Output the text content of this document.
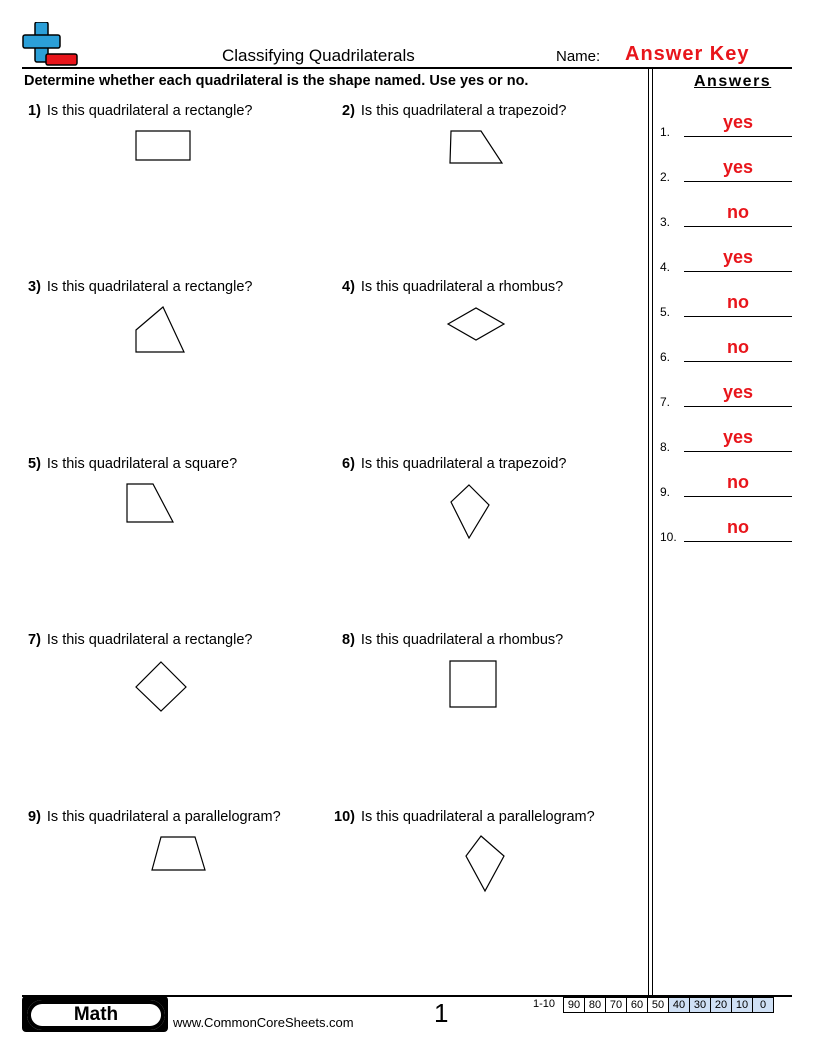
Classifying Quadrilaterals	Name: Answer Key
Determine whether each quadrilateral is the shape named. Use yes or no.
1) Is this quadrilateral a rectangle?	2) Is this quadrilateral a trapezoid?
3) Is this quadrilateral a rectangle?	4) Is this quadrilateral a rhombus?
5) Is this quadrilateral a square?	6) Is this quadrilateral a trapezoid?
7) Is this quadrilateral a rectangle?	8) Is this quadrilateral a rhombus?
9) Is this quadrilateral a parallelogram?	10) Is this quadrilateral a parallelogram?
Answers
1.	yes
2.	yes
3.	no
4.	yes
5.	no
6.	no
7.	yes
8.	yes
9.	no
10.	no
Math	www.CommonCoreSheets.com	1	1-10 90	80	70	60	50	40	30	20	10	0
